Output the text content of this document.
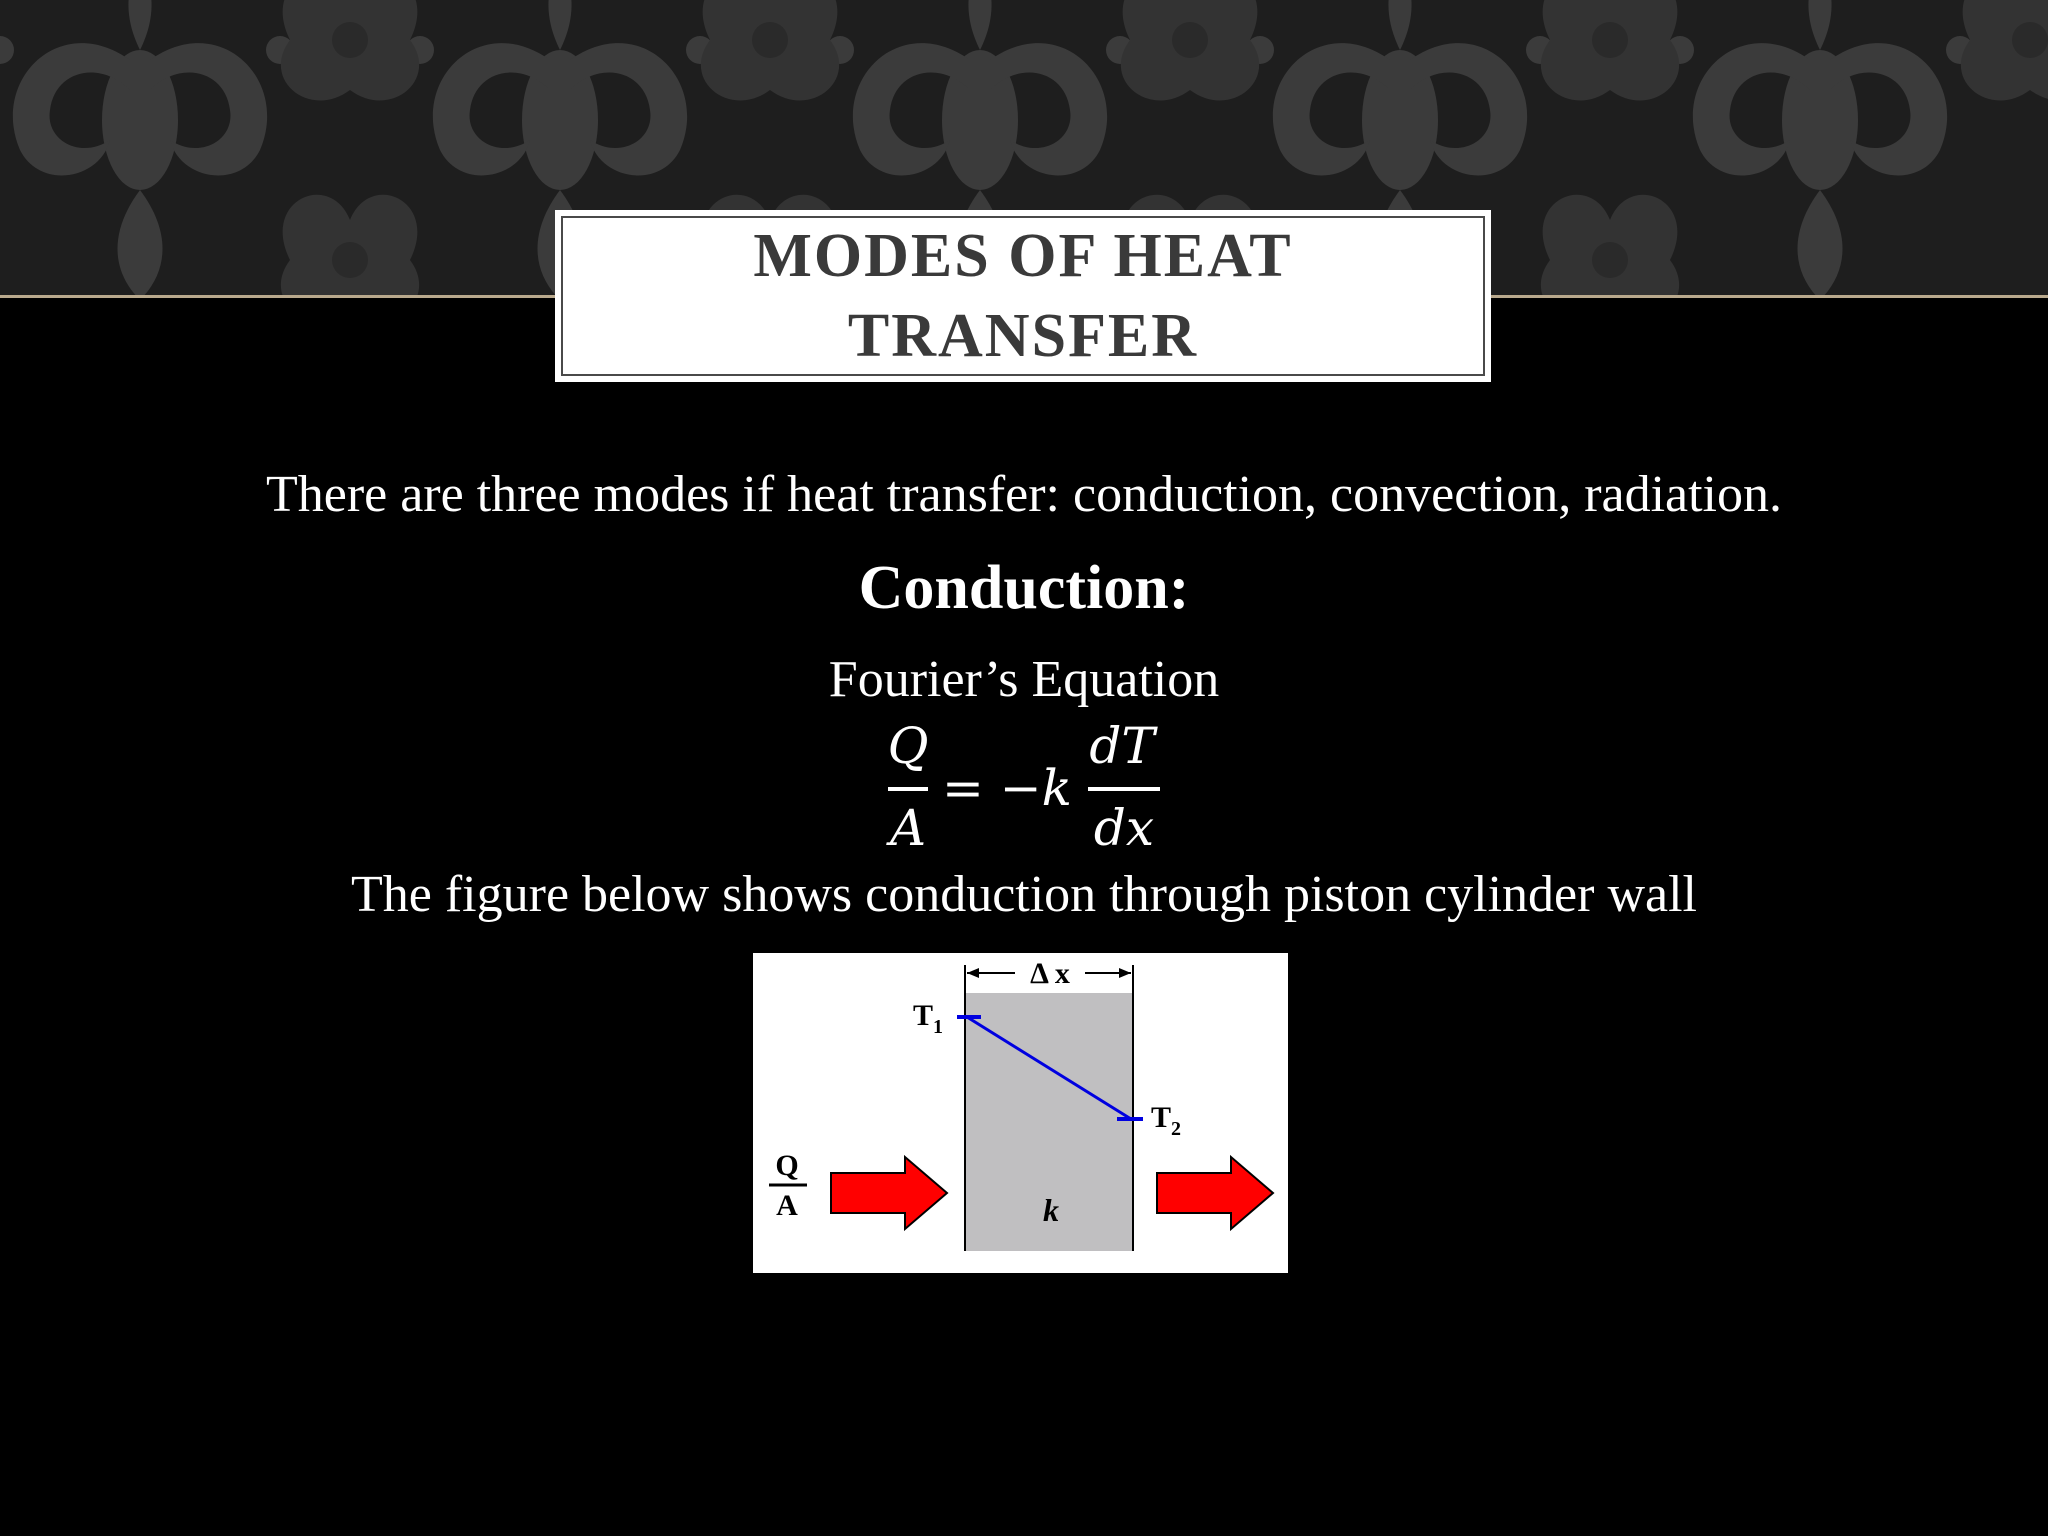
MODES OF HEAT TRANSFER
There are three modes if heat transfer: conduction, convection, radiation.
Conduction:
Fourier’s Equation
Q
A
= −k
dT
dx
The figure below shows conduction through piston cylinder wall
Δ x
T 1
T 2
k
Q
A
